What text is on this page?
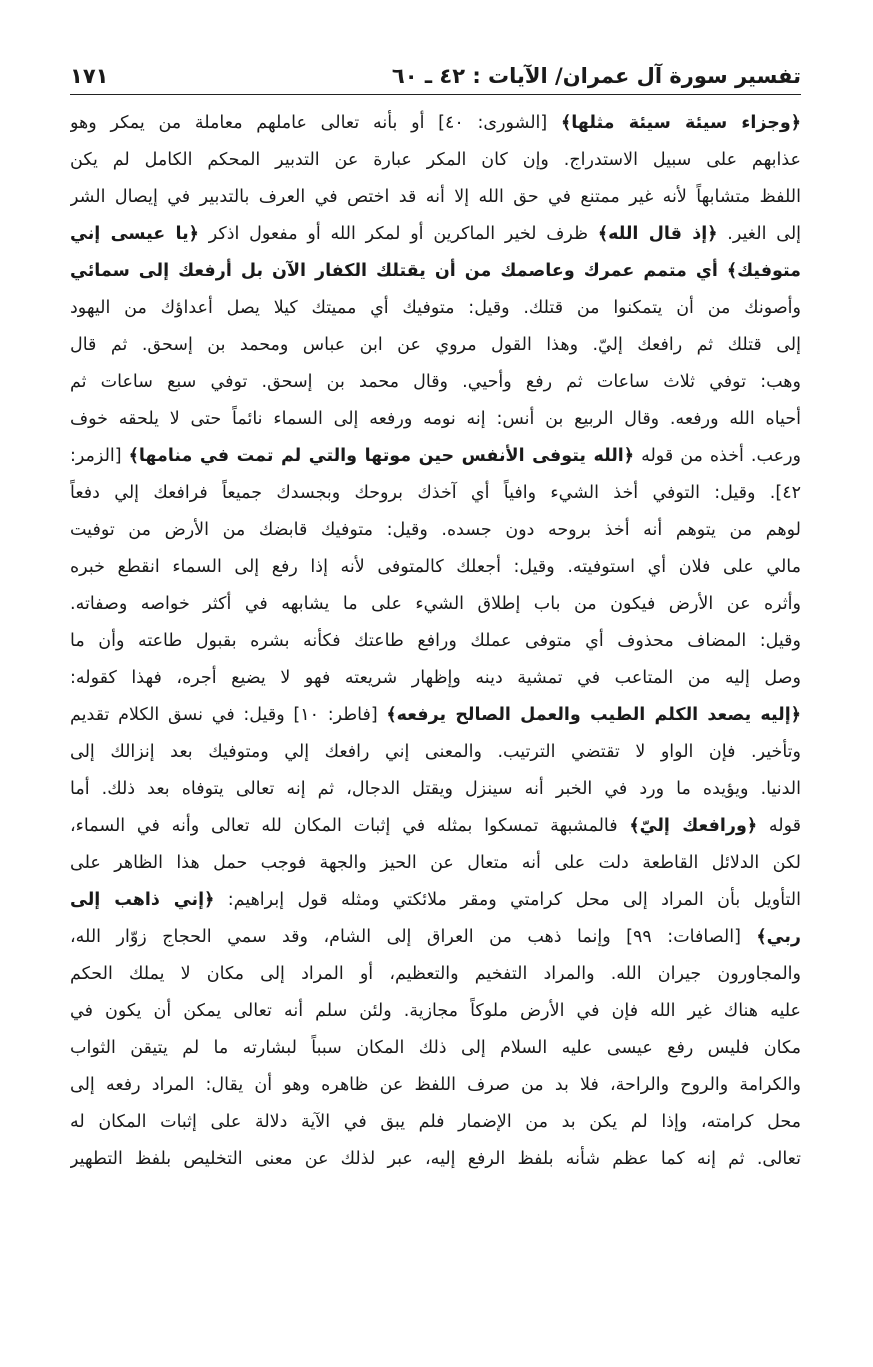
تفسير سورة آل عمران/ الآيات : ٤٢ ـ ٦٠
١٧١
﴿وجزاء سيئة سيئة مثلها﴾ [الشورى: ٤٠] أو بأنه تعالى عاملهم معاملة من يمكر وهو
عذابهم على سبيل الاستدراج. وإن كان المكر عبارة عن التدبير المحكم الكامل لم يكن
اللفظ متشابهاً لأنه غير ممتنع في حق الله إلا أنه قد اختص في العرف بالتدبير في إيصال الشر
إلى الغير. ﴿إذ قال الله﴾ ظرف لخير الماكرين أو لمكر الله أو مفعول اذكر ﴿يا عيسى إني
متوفيك﴾ أي متمم عمرك وعاصمك من أن يقتلك الكفار الآن بل أرفعك إلى سمائي
وأصونك من أن يتمكنوا من قتلك. وقيل: متوفيك أي مميتك كيلا يصل أعداؤك من اليهود
إلى قتلك ثم رافعك إليّ. وهذا القول مروي عن ابن عباس ومحمد بن إسحق. ثم قال
وهب: توفي ثلاث ساعات ثم رفع وأحيي. وقال محمد بن إسحق. توفي سبع ساعات ثم
أحياه الله ورفعه. وقال الربيع بن أنس: إنه نومه ورفعه إلى السماء نائماً حتى لا يلحقه خوف
ورعب. أخذه من قوله ﴿الله يتوفى الأنفس حين موتها والتي لم تمت في منامها﴾ [الزمر:
٤٢]. وقيل: التوفي أخذ الشيء وافياً أي آخذك بروحك وبجسدك جميعاً فرافعك إلي دفعاً
لوهم من يتوهم أنه أخذ بروحه دون جسده. وقيل: متوفيك قابضك من الأرض من توفيت
مالي على فلان أي استوفيته. وقيل: أجعلك كالمتوفى لأنه إذا رفع إلى السماء انقطع خبره
وأثره عن الأرض فيكون من باب إطلاق الشيء على ما يشابهه في أكثر خواصه وصفاته.
وقيل: المضاف محذوف أي متوفى عملك ورافع طاعتك فكأنه بشره بقبول طاعته وأن ما
وصل إليه من المتاعب في تمشية دينه وإظهار شريعته فهو لا يضيع أجره، فهذا كقوله:
﴿إليه يصعد الكلم الطيب والعمل الصالح يرفعه﴾ [فاطر: ١٠] وقيل: في نسق الكلام تقديم
وتأخير. فإن الواو لا تقتضي الترتيب. والمعنى إني رافعك إلي ومتوفيك بعد إنزالك إلى
الدنيا. ويؤيده ما ورد في الخبر أنه سينزل ويقتل الدجال، ثم إنه تعالى يتوفاه بعد ذلك. أما
قوله ﴿ورافعك إليّ﴾ فالمشبهة تمسكوا بمثله في إثبات المكان لله تعالى وأنه في السماء،
لكن الدلائل القاطعة دلت على أنه متعال عن الحيز والجهة فوجب حمل هذا الظاهر على
التأويل بأن المراد إلى محل كرامتي ومقر ملائكتي ومثله قول إبراهيم: ﴿إني ذاهب إلى
ربي﴾ [الصافات: ٩٩] وإنما ذهب من العراق إلى الشام، وقد سمي الحجاج زوّار الله،
والمجاورون جيران الله. والمراد التفخيم والتعظيم، أو المراد إلى مكان لا يملك الحكم
عليه هناك غير الله فإن في الأرض ملوكاً مجازية. ولئن سلم أنه تعالى يمكن أن يكون في
مكان فليس رفع عيسى عليه السلام إلى ذلك المكان سبباً لبشارته ما لم يتيقن الثواب
والكرامة والروح والراحة، فلا بد من صرف اللفظ عن ظاهره وهو أن يقال: المراد رفعه إلى
محل كرامته، وإذا لم يكن بد من الإضمار فلم يبق في الآية دلالة على إثبات المكان له
تعالى. ثم إنه كما عظم شأنه بلفظ الرفع إليه، عبر لذلك عن معنى التخليص بلفظ التطهير
